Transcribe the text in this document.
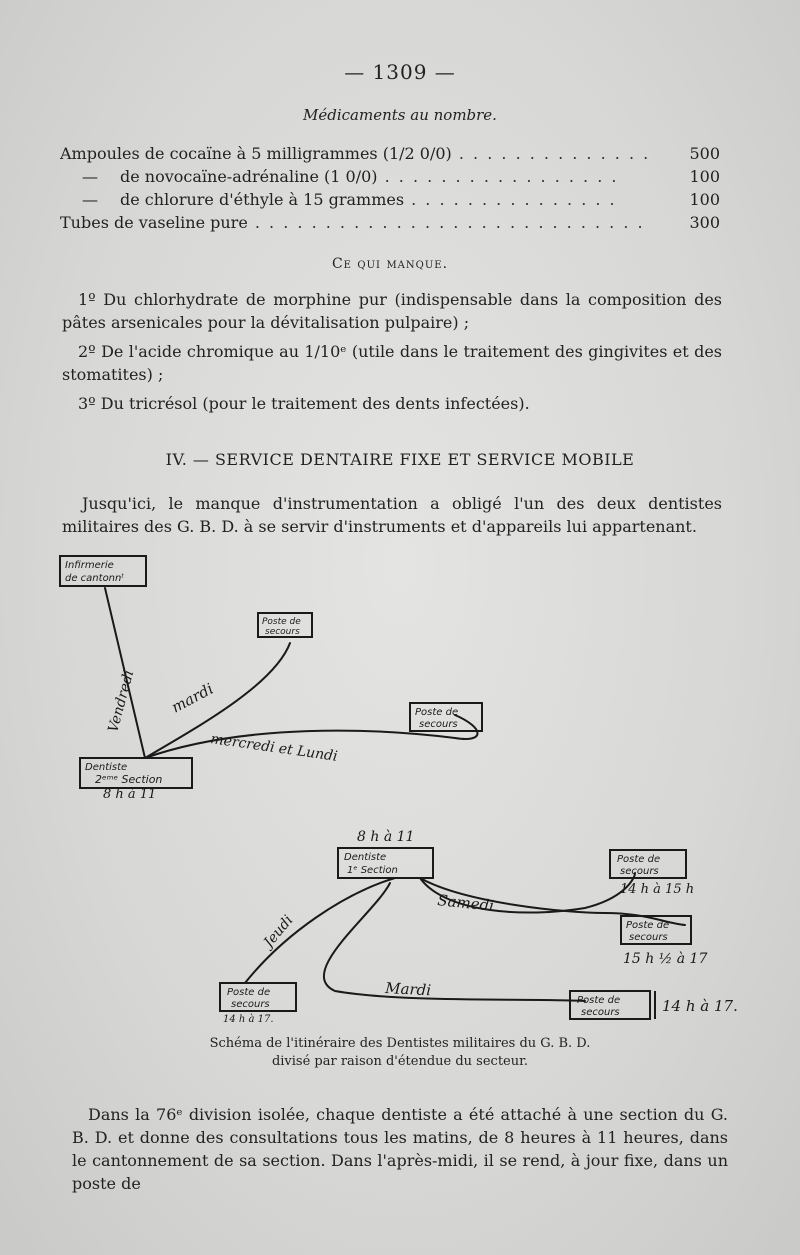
— 1309 —
Médicaments au nombre.
Ampoules de cocaïne à 5 milligrammes (1/2 0/0) . . . . . . . . . . . . . . 500
— de novocaïne-adrénaline (1 0/0) . . . . . . . . . . . . . . . . .	100
— de chlorure d'éthyle à 15 grammes . . . . . . . . . . . . . . .	100
Tubes de vaseline pure . . . . . . . . . . . . . . . . . . . . . . . . . . . .	300
Ce qui manque.
1º Du chlorhydrate de morphine pur (indispensable dans la composition des pâtes arsenicales pour la dévitalisation pulpaire) ;
2º De l'acide chromique au 1/10ᵉ (utile dans le traitement des gingivites et des stomatites) ;
3º Du tricrésol (pour le traitement des dents infectées).
IV. — SERVICE DENTAIRE FIXE ET SERVICE MOBILE
Jusqu'ici, le manque d'instrumentation a obligé l'un des deux dentistes militaires des G. B. D. à se servir d'instruments et d'appareils lui appartenant.
Infirmerie
de cantonnᵗ
Poste de
secours
Poste de
secours
Dentiste
2ᵉᵐᵉ Section
8 h à 11
Vendredi mardi
mercredi et Lundi
8 h à 11
Dentiste
1ᵉ Section
Poste de
secours
14 h à 15 h
Poste de
secours
15 h ½ à 17
Samedi
Jeudi
Mardi
Poste de
secours
14 h à 17.
Poste de
secours	14 h à 17.
Schéma de l'itinéraire des Dentistes militaires du G. B. D.
divisé par raison d'étendue du secteur.
Dans la 76ᵉ division isolée, chaque dentiste a été attaché à une section du G. B. D. et donne des consultations tous les matins, de 8 heures à 11 heures, dans le cantonnement de sa section. Dans l'après-midi, il se rend, à jour fixe, dans un poste de
